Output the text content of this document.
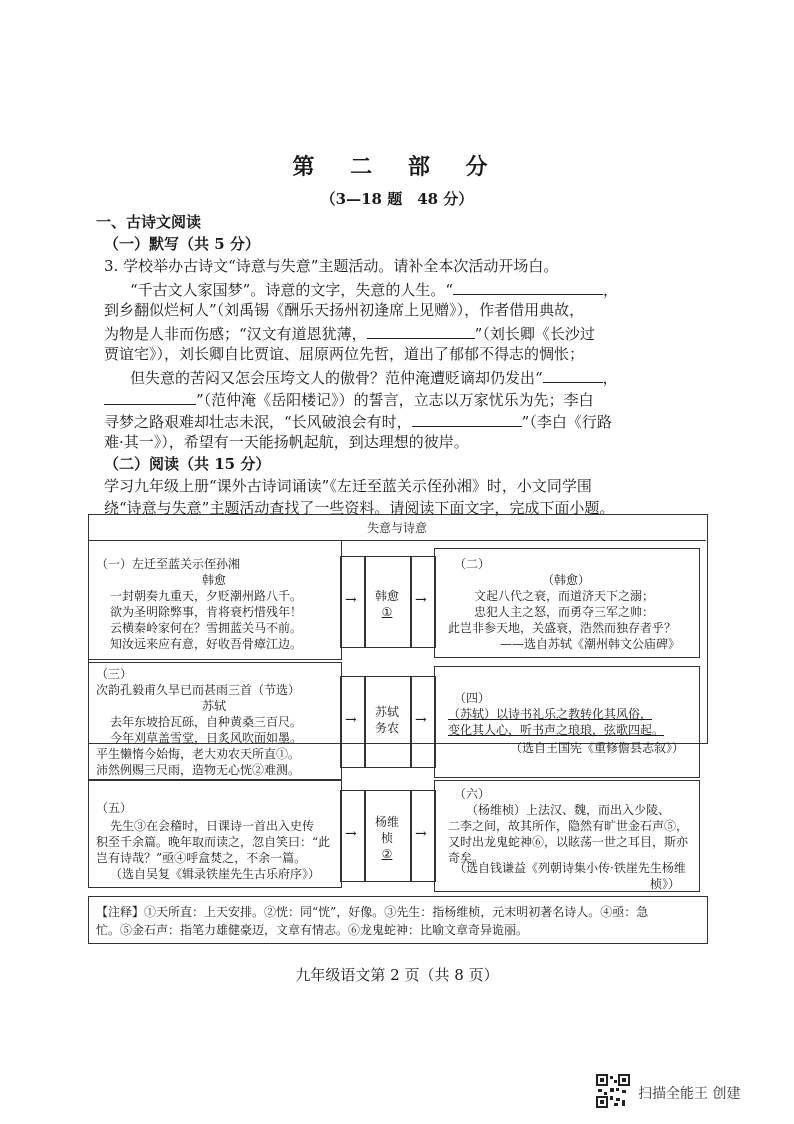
第 二 部 分
（3—18 题　48 分）
一、古诗文阅读
（一）默写（共 5 分）
3. 学校举办古诗文“诗意与失意”主题活动。请补全本次活动开场白。
“千古文人家国梦”。诗意的文字，失意的人生。“	，
到乡翻似烂柯人”（刘禹锡《酬乐天扬州初逢席上见赠》），作者借用典故，
为物是人非而伤感；“汉文有道恩犹薄，	”（刘长卿《长沙过
贾谊宅》），刘长卿自比贾谊、屈原两位先哲，道出了郁郁不得志的惆怅；
但失意的苦闷又怎会压垮文人的傲骨？范仲淹遭贬谪却仍发出“	，
”（范仲淹《岳阳楼记》）的誓言，立志以万家忧乐为先；李白
寻梦之路艰难却壮志未泯，“长风破浪会有时，	”（李白《行路
难·其一》），希望有一天能扬帆起航，到达理想的彼岸。
（二）阅读（共 15 分）
学习九年级上册“课外古诗词诵读”《左迁至蓝关示侄孙湘》时，小文同学围
绕“诗意与失意”主题活动查找了一些资料。请阅读下面文字，完成下面小题。
失意与诗意
（一）左迁至蓝关示侄孙湘
韩愈
一封朝奏九重天，夕贬潮州路八千。
欲为圣明除弊事，肯将衰朽惜残年！
云横秦岭家何在？雪拥蓝关马不前。
知汝远来应有意，好收吾骨瘴江边。
→	韩愈
①
→
（二）
（韩愈）
文起八代之衰，而道济天下之溺；
忠犯人主之怒，而勇夺三军之帅：
此岂非参天地，关盛衰，浩然而独存者乎？
——选自苏轼《潮州韩文公庙碑》
（三）
次韵孔毅甫久旱已而甚雨三首（节选）
苏轼
去年东坡拾瓦砾，自种黄桑三百尺。
今年刈草盖雪堂，日炙风吹面如墨。
平生懒惰今始悔，老大劝农天所直①。
沛然例赐三尺雨，造物无心恍②难测。
→	苏轼
务农	→
（四）
（苏轼）以诗书礼乐之教转化其风俗，
变化其人心，听书声之琅琅，弦歌四起。
（选自王国宪《重修儋县志叙》）
（五）
先生③在会稽时，日课诗一首出入史传
积至千余篇。晚年取而读之，忽自笑曰：“此
岂有诗哉？”亟④呼盒焚之，不余一篇。
（选自吴复《辑录铁崖先生古乐府序》）
→
杨维
桢
②
→
（六）
（杨维桢）上法汉、魏，而出入少陵、
二李之间，故其所作，隐然有旷世金石声⑤，
又时出龙鬼蛇神⑥，以眩荡一世之耳目，斯亦
奇矣。
（选自钱谦益《列朝诗集小传·铁崖先生杨维
桢》）
【注释】①天所直：上天安排。②恍：同“恍”，好像。③先生：指杨维桢，元末明初著名诗人。④亟：急
忙。⑤金石声：指笔力雄健豪迈，文章有情志。⑥龙鬼蛇神：比喻文章奇异诡丽。
九年级语文第 2 页（共 8 页）
扫描全能王 创建
